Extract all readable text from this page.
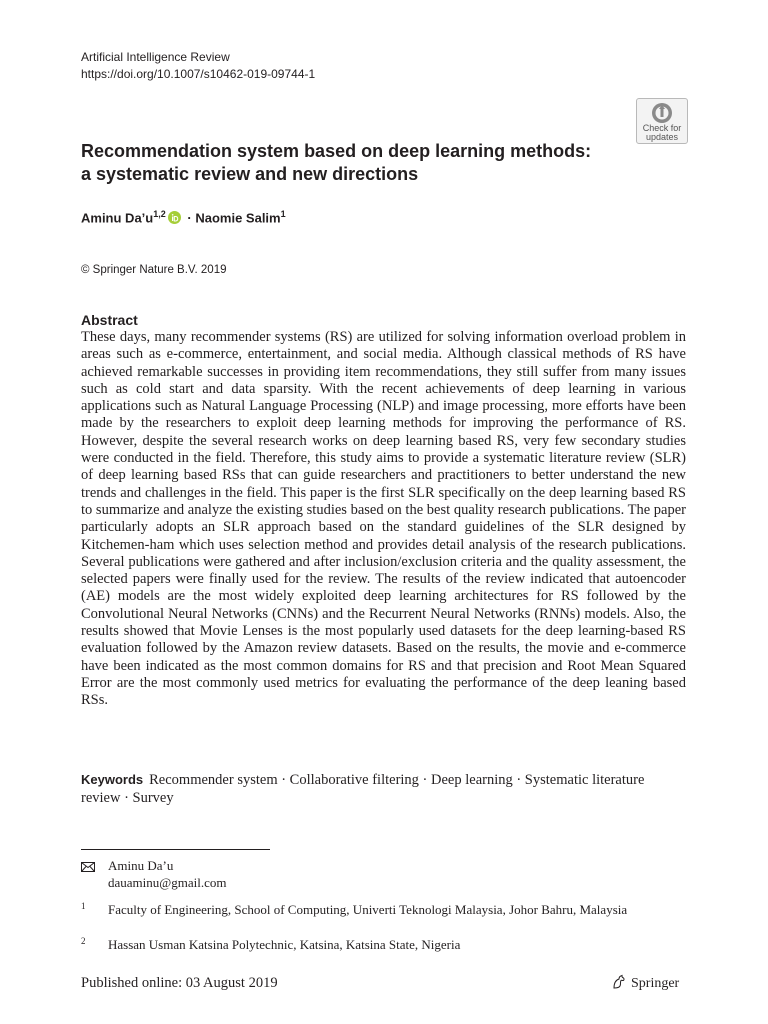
Artificial Intelligence Review
https://doi.org/10.1007/s10462-019-09744-1
Check for
updates
Recommendation system based on deep learning methods:
a systematic review and new directions
Aminu $Da’u^{1,2}$ · Naomie Salim$^1$
© Springer Nature B.V. 2019
Abstract
These days, many recommender systems (RS) are utilized for solving information overload problem in areas such as e-commerce, entertainment, and social media. Although classical methods of RS have achieved remarkable successes in providing item recommendations, they still suffer from many issues such as cold start and data sparsity. With the recent achievements of deep learning in various applications such as Natural Language Processing (NLP) and image processing, more efforts have been made by the researchers to exploit deep learning methods for improving the performance of RS. However, despite the several research works on deep learning based RS, very few secondary studies were conducted in the field. Therefore, this study aims to provide a systematic literature review (SLR) of deep learning based RSs that can guide researchers and practitioners to better understand the new trends and challenges in the field. This paper is the first SLR specifically on the deep learning based RS to summarize and analyze the existing studies based on the best quality research publications. The paper particularly adopts an SLR approach based on the standard guidelines of the SLR designed by Kitchemen-ham which uses selection method and provides detail analysis of the research publications. Several publications were gathered and after inclusion/exclusion criteria and the quality assessment, the selected papers were finally used for the review. The results of the review indicated that autoencoder (AE) models are the most widely exploited deep learning architectures for RS followed by the Convolutional Neural Networks (CNNs) and the Recurrent Neural Networks (RNNs) models. Also, the results showed that Movie Lenses is the most popularly used datasets for the deep learning-based RS evaluation followed by the Amazon review datasets. Based on the results, the movie and e-commerce have been indicated as the most common domains for RS and that precision and Root Mean Squared Error are the most commonly used metrics for evaluating the performance of the deep leaning based RSs.
Keywords Recommender system · Collaborative filtering · Deep learning · Systematic literature review · Survey
Aminu Da’u
dauaminu@gmail.com
1 Faculty of Engineering, School of Computing, Univerti Teknologi Malaysia, Johor Bahru, Malaysia
2 Hassan Usman Katsina Polytechnic, Katsina, Katsina State, Nigeria
Published online: 03 August 2019	Springer
